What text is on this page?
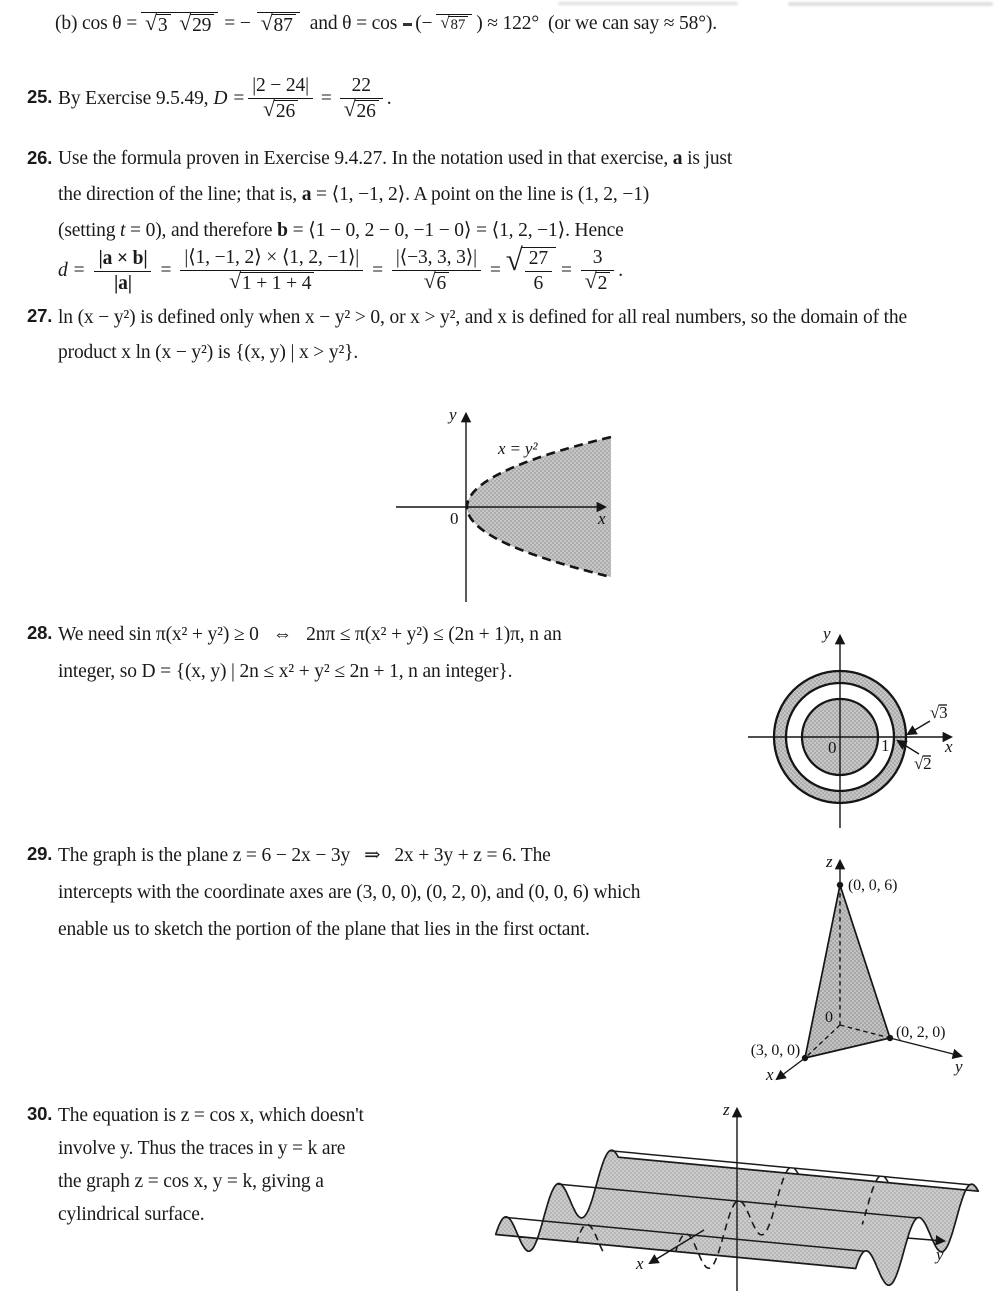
(b) cos θ = √ 3
√ 29 = − √ 87 and θ = cos (− √ 87 ) ≈ 122° (or we can say ≈ 58°).
25. By Exercise 9.5.49, $D = \frac{|2 - 24|}{√ 26} = \frac{22}{√ 26}$ .
26. Use the formula proven in Exercise 9.4.27. In the notation used in that exercise, a is just
the direction of the line; that is, a = ⟨1, −1, 2⟩. A point on the line is (1, 2, −1)
(setting t = 0), and therefore b = ⟨1 − 0, 2 − 0, −1 − 0⟩ = ⟨1, 2, −1⟩. Hence
$d = \frac{|a \times b|}{|a|} = \frac{|⟨1, -1, 2⟩ \times ⟨1, 2, -1⟩|}{√ 1 + 1 + 4} = \frac{|⟨-3, 3, 3⟩|}{√ 6}$ = √ $\frac{27}{6} = \frac{3}{√ 2}$ .
27. ln (x − y²) is defined only when x − y² > 0, or x > y², and x is defined for all real numbers, so the domain of the
product x ln (x − y²) is {(x, y) | x > y²}.
y
x
0
x = y²
28. We need sin π(x² + y²) ≥ 0 ⇔ 2nπ ≤ π(x² + y²) ≤ (2n + 1)π, n an
integer, so D = {(x, y) | 2n ≤ x² + y² ≤ 2n + 1, n an integer}.
y
x
0	1
√3
√2
29. The graph is the plane z = 6 − 2x − 3y ⇒ 2x + 3y + z = 6. The
intercepts with the coordinate axes are (3, 0, 0), (0, 2, 0), and (0, 0, 6) which
enable us to sketch the portion of the plane that lies in the first octant.
z
x	y
0
(0, 0, 6)
(3, 0, 0)
(0, 2, 0)
30. The equation is z = cos x, which doesn't
involve y. Thus the traces in y = k are
the graph z = cos x, y = k, giving a
cylindrical surface.
z
x	y
